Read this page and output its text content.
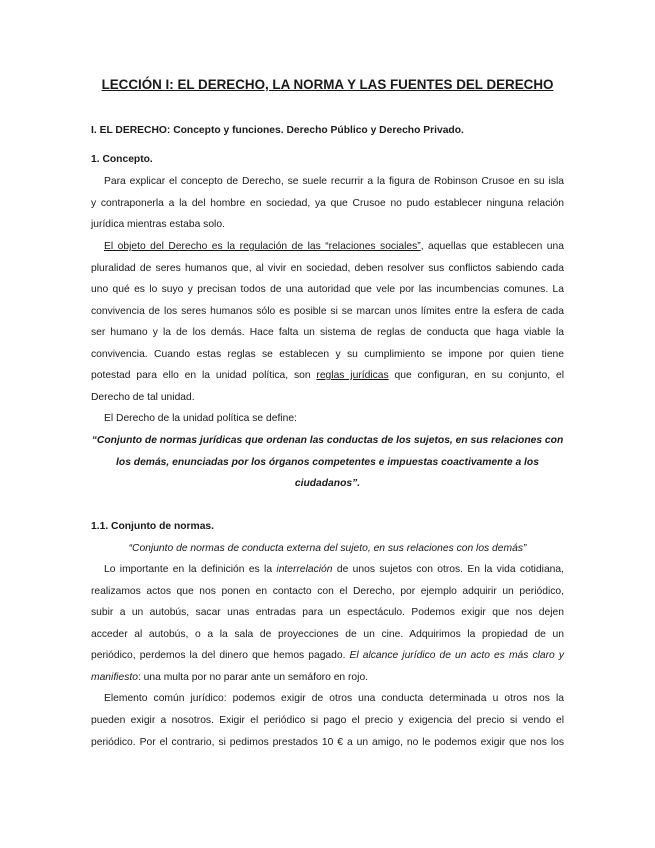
LECCIÓN I: EL DERECHO, LA NORMA Y LAS FUENTES DEL DERECHO
I. EL DERECHO: Concepto y funciones. Derecho Público y Derecho Privado.
1. Concepto.
Para explicar el concepto de Derecho, se suele recurrir a la figura de Robinson Crusoe en su isla
y contraponerla a la del hombre en sociedad, ya que Crusoe no pudo establecer ninguna relación
jurídica mientras estaba solo.
El objeto del Derecho es la regulación de las “relaciones sociales”, aquellas que establecen una
pluralidad de seres humanos que, al vivir en sociedad, deben resolver sus conflictos sabiendo cada
uno qué es lo suyo y precisan todos de una autoridad que vele por las incumbencias comunes. La
convivencia de los seres humanos sólo es posible si se marcan unos límites entre la esfera de cada
ser humano y la de los demás. Hace falta un sistema de reglas de conducta que haga viable la
convivencia. Cuando estas reglas se establecen y su cumplimiento se impone por quien tiene
potestad para ello en la unidad política, son reglas jurídicas que configuran, en su conjunto, el
Derecho de tal unidad.
El Derecho de la unidad política se define:
“Conjunto de normas jurídicas que ordenan las conductas de los sujetos, en sus relaciones con
los demás, enunciadas por los órganos competentes e impuestas coactivamente a los
ciudadanos”.
1.1. Conjunto de normas.
“Conjunto de normas de conducta externa del sujeto, en sus relaciones con los demás”
Lo importante en la definición es la interrelación de unos sujetos con otros. En la vida cotidiana,
realizamos actos que nos ponen en contacto con el Derecho, por ejemplo adquirir un periódico,
subir a un autobús, sacar unas entradas para un espectáculo. Podemos exigir que nos dejen
acceder al autobús, o a la sala de proyecciones de un cine. Adquirimos la propiedad de un
periódico, perdemos la del dinero que hemos pagado. El alcance jurídico de un acto es más claro y
manifiesto: una multa por no parar ante un semáforo en rojo.
Elemento común jurídico: podemos exigir de otros una conducta determinada u otros nos la
pueden exigir a nosotros. Exigir el periódico si pago el precio y exigencia del precio si vendo el
periódico. Por el contrario, si pedimos prestados 10 € a un amigo, no le podemos exigir que nos los
